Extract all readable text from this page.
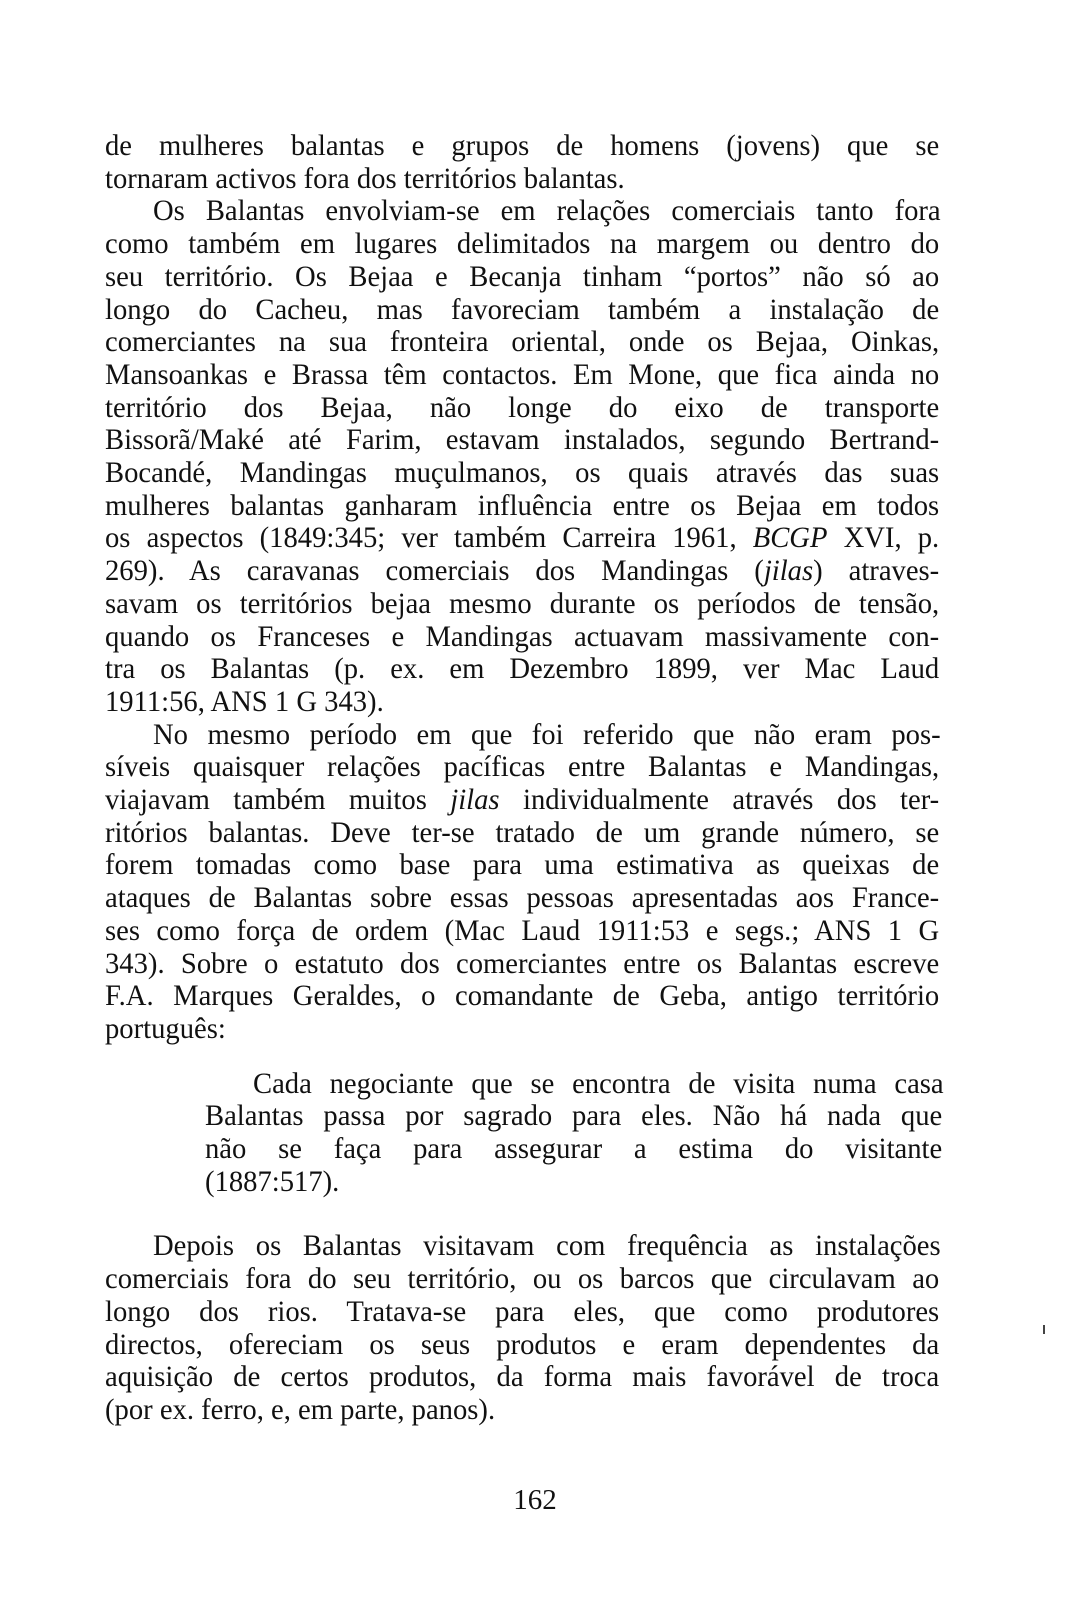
de mulheres balantas e grupos de homens (jovens) que se
tornaram activos fora dos territórios balantas.
Os Balantas envolviam-se em relações comerciais tanto fora
como também em lugares delimitados na margem ou dentro do
seu território. Os Bejaa e Becanja tinham “portos” não só ao
longo do Cacheu, mas favoreciam também a instalação de
comerciantes na sua fronteira oriental, onde os Bejaa, Oinkas,
Mansoankas e Brassa têm contactos. Em Mone, que fica ainda no
território dos Bejaa, não longe do eixo de transporte
Bissorã/Maké até Farim, estavam instalados, segundo Bertrand-
Bocandé, Mandingas muçulmanos, os quais através das suas
mulheres balantas ganharam influência entre os Bejaa em todos
os aspectos (1849:345; ver também Carreira 1961, BCGP XVI, p.
269). As caravanas comerciais dos Mandingas (jilas) atraves-
savam os territórios bejaa mesmo durante os períodos de tensão,
quando os Franceses e Mandingas actuavam massivamente con-
tra os Balantas (p. ex. em Dezembro 1899, ver Mac Laud
1911:56, ANS 1 G 343).
No mesmo período em que foi referido que não eram pos-
síveis quaisquer relações pacíficas entre Balantas e Mandingas,
viajavam também muitos jilas individualmente através dos ter-
ritórios balantas. Deve ter-se tratado de um grande número, se
forem tomadas como base para uma estimativa as queixas de
ataques de Balantas sobre essas pessoas apresentadas aos France-
ses como força de ordem (Mac Laud 1911:53 e segs.; ANS 1 G
343). Sobre o estatuto dos comerciantes entre os Balantas escreve
F.A. Marques Geraldes, o comandante de Geba, antigo território
português:
Cada negociante que se encontra de visita numa casa
Balantas passa por sagrado para eles. Não há nada que
não se faça para assegurar a estima do visitante
(1887:517).
Depois os Balantas visitavam com frequência as instalações
comerciais fora do seu território, ou os barcos que circulavam ao
longo dos rios. Tratava-se para eles, que como produtores
directos, ofereciam os seus produtos e eram dependentes da
aquisição de certos produtos, da forma mais favorável de troca
(por ex. ferro, e, em parte, panos).
162
